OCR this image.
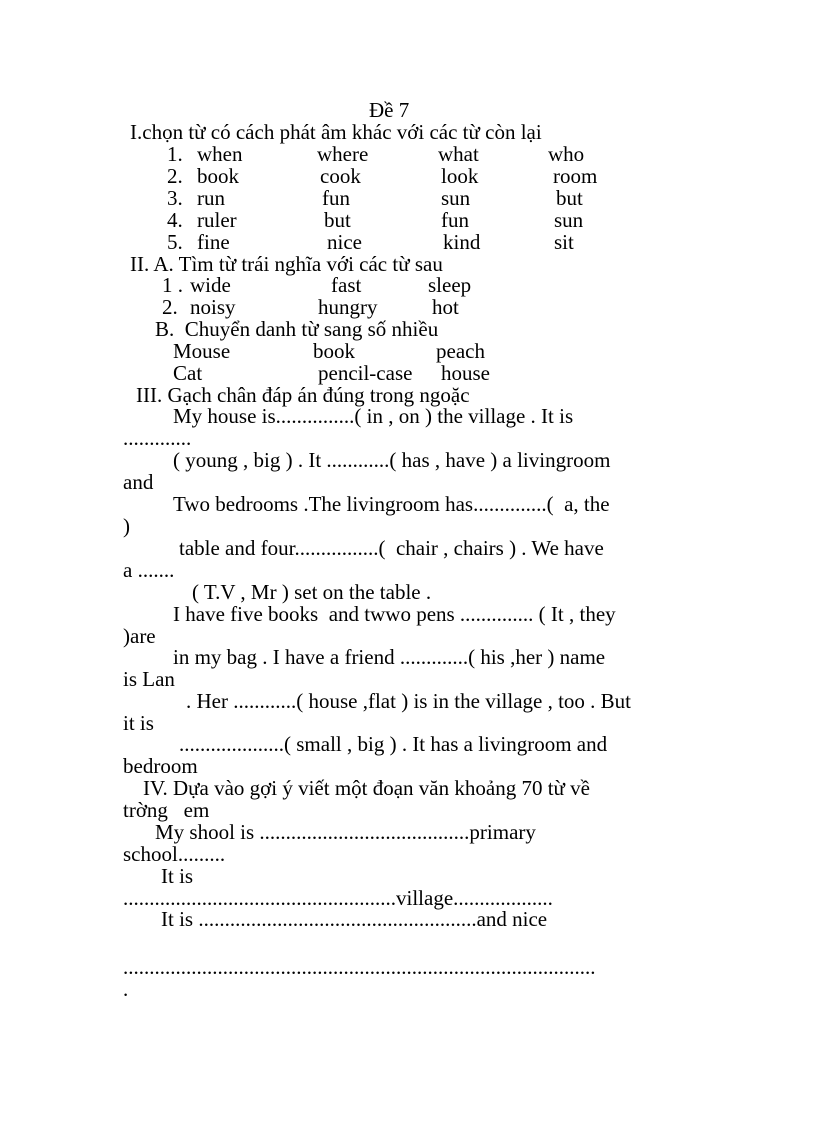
Đề 7
I.chọn từ có cách phát âm khác với các từ còn lại
1. when	where	what	who
2. book	cook	look	room
3. run	fun	sun	but
4. ruler	but	fun	sun
5. fine	nice	kind	sit
II. A. Tìm từ trái nghĩa với các từ sau
1 . wide	fast	sleep
2. noisy	hungry	hot
B.  Chuyển danh từ sang số nhiều
Mouse	book	peach
Cat	pencil-case house
III. Gạch chân đáp án đúng trong ngoặc
My house is...............( in , on ) the village . It is
.............
( young , big ) . It ............( has , have ) a livingroom
and
Two bedrooms .The livingroom has..............(  a, the
)
table and four................(  chair , chairs ) . We have
a .......
( T.V , Mr ) set on the table .
I have five books  and twwo pens .............. ( It , they
)are
in my bag . I have a friend .............( his ,her ) name
is Lan
. Her ............( house ,flat ) is in the village , too . But
it is
....................( small , big ) . It has a livingroom and
bedroom
IV. Dựa vào gợi ý viết một đoạn văn khoảng 70 từ về
trờng   em
My shool is ........................................primary
school.........
It is
....................................................village...................
It is .....................................................and nice
..........................................................................................
.
